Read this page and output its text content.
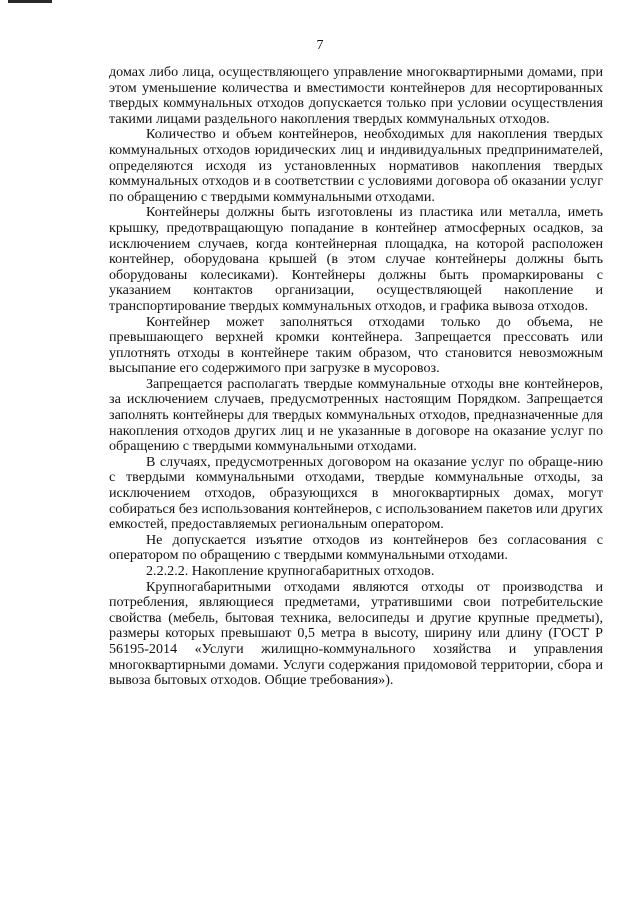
7

домах либо лица, осуществляющего управление многоквартирными домами, при этом уменьшение количества и вместимости контейнеров для несортированных твердых коммунальных отходов допускается только при условии осуществления такими лицами раздельного накопления твердых коммунальных отходов.

Количество и объем контейнеров, необходимых для накопления твердых коммунальных отходов юридических лиц и индивидуальных предпринимателей, определяются исходя из установленных нормативов накопления твердых коммунальных отходов и в соответствии с условиями договора об оказании услуг по обращению с твердыми коммунальными отходами.

Контейнеры должны быть изготовлены из пластика или металла, иметь крышку, предотвращающую попадание в контейнер атмосферных осадков, за исключением случаев, когда контейнерная площадка, на которой расположен контейнер, оборудована крышей (в этом случае контейнеры должны быть оборудованы колесиками). Контейнеры должны быть промаркированы с указанием контактов организации, осуществляющей накопление и транспортирование твердых коммунальных отходов, и графика вывоза отходов.

Контейнер может заполняться отходами только до объема, не превышающего верхней кромки контейнера. Запрещается прессовать или уплотнять отходы в контейнере таким образом, что становится невозможным высыпание его содержимого при загрузке в мусоровоз.

Запрещается располагать твердые коммунальные отходы вне контейнеров, за исключением случаев, предусмотренных настоящим Порядком. Запрещается заполнять контейнеры для твердых коммунальных отходов, предназначенные для накопления отходов других лиц и не указанные в договоре на оказание услуг по обращению с твердыми коммунальными отходами.

В случаях, предусмотренных договором на оказание услуг по обраще-нию с твердыми коммунальными отходами, твердые коммунальные отходы, за исключением отходов, образующихся в многоквартирных домах, могут собираться без использования контейнеров, с использованием пакетов или других емкостей, предоставляемых региональным оператором.

Не допускается изъятие отходов из контейнеров без согласования с оператором по обращению с твердыми коммунальными отходами.

2.2.2.2. Накопление крупногабаритных отходов.

Крупногабаритными отходами являются отходы от производства и потребления, являющиеся предметами, утратившими свои потребительские свойства (мебель, бытовая техника, велосипеды и другие крупные предметы), размеры которых превышают 0,5 метра в высоту, ширину или длину (ГОСТ Р 56195-2014 «Услуги жилищно-коммунального хозяйства и управления многоквартирными домами. Услуги содержания придомовой территории, сбора и вывоза бытовых отходов. Общие требования»).
